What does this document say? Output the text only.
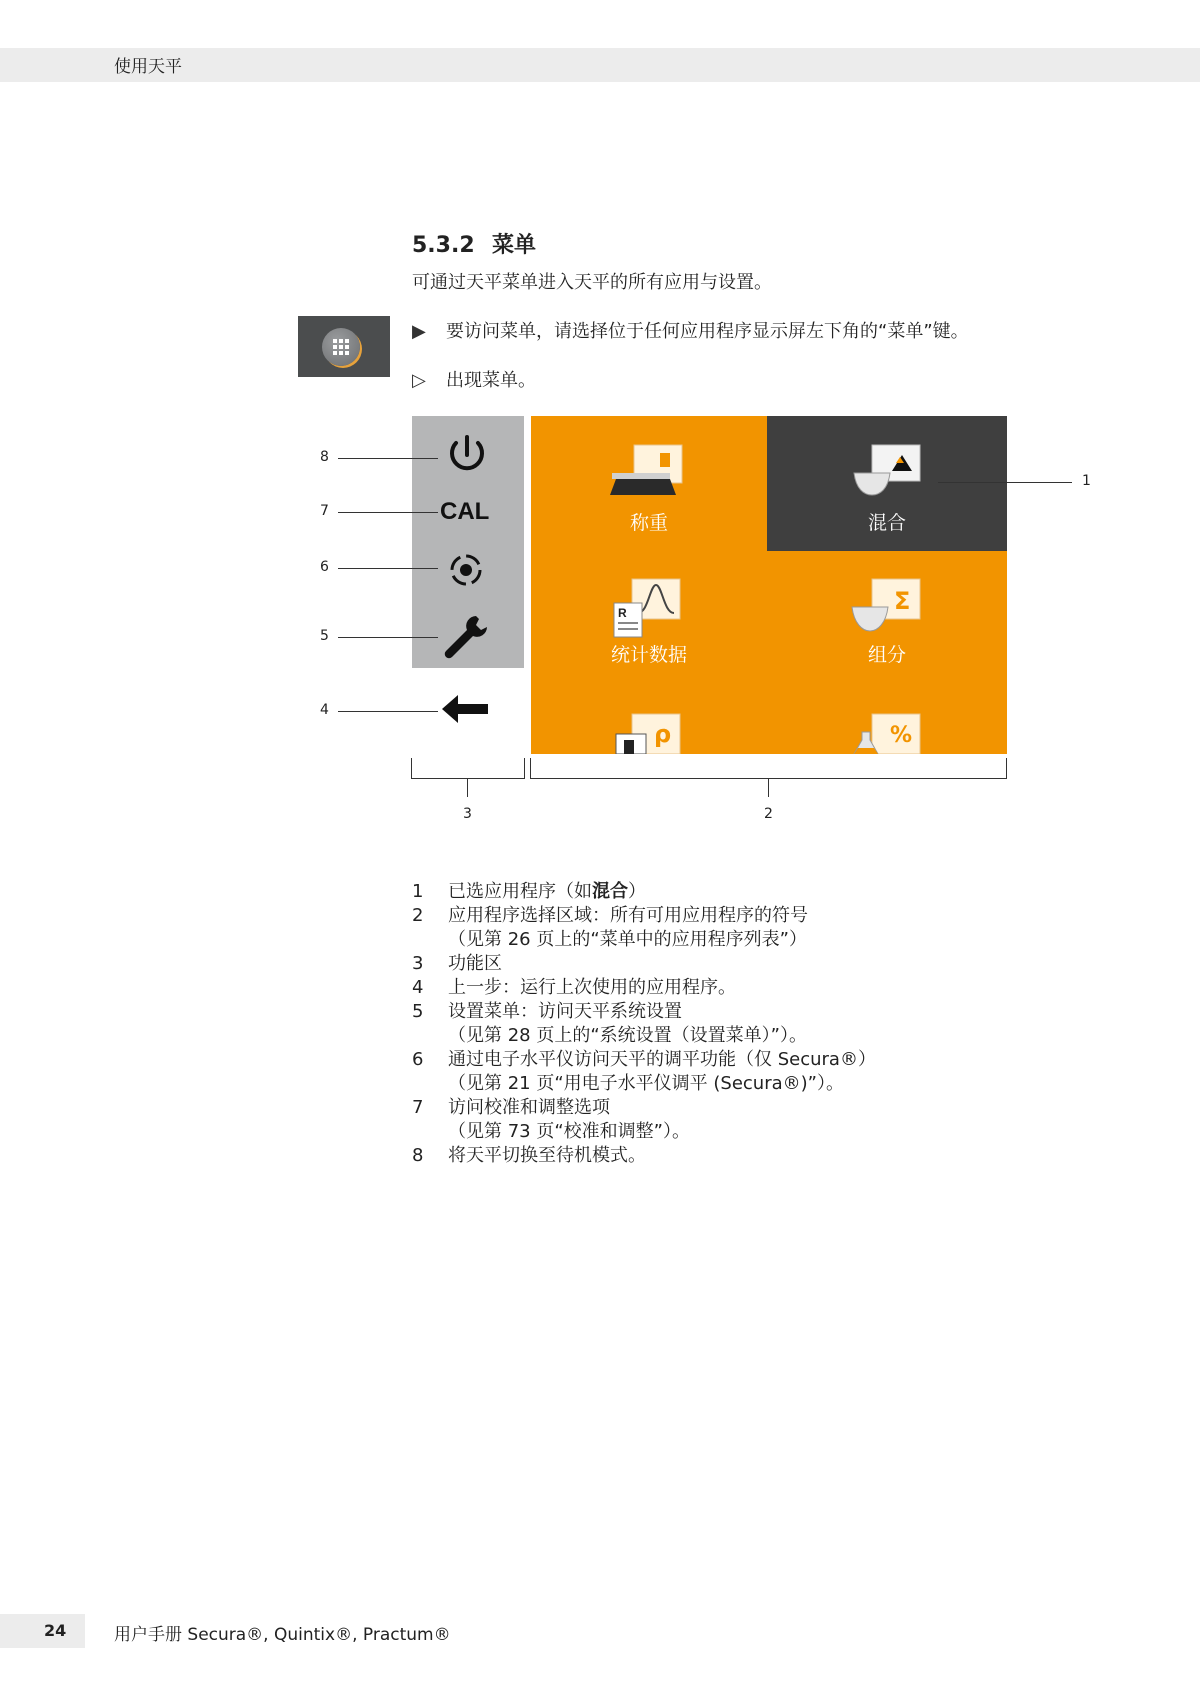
使用天平
5.3.2 菜单
可通过天平菜单进入天平的所有应用与设置。
▶ 要访问菜单，请选择位于任何应用程序显示屏左下角的“菜单”键。
▷ 出现菜单。
CAL	称重	混合
R
统计数据
Σ
组分
ρ	%
8
7
6
5
4
1
3	2
1	已选应用程序（如混合）
2	应用程序选择区域：所有可用应用程序的符号
（见第 26 页上的“菜单中的应用程序列表”）
3	功能区
4	上一步：运行上次使用的应用程序。
5	设置菜单：访问天平系统设置
（见第 28 页上的“系统设置（设置菜单）”）。
6	通过电子水平仪访问天平的调平功能（仅 Secura®）
（见第 21 页“用电子水平仪调平 (Secura®)”）。
7	访问校准和调整选项
（见第 73 页“校准和调整”）。
8	将天平切换至待机模式。
24	用户手册 Secura®, Quintix®, Practum®
